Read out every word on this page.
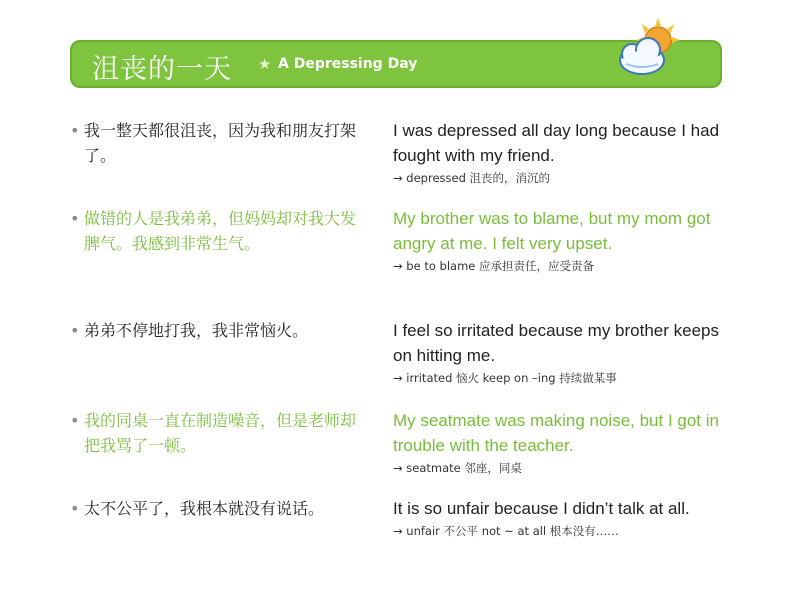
沮丧的一天 ★ A Depressing Day
• 我一整天都很沮丧，因为我和朋友打架了。
I was depressed all day long because I had fought with my friend.
→ depressed 沮丧的，消沉的
• 做错的人是我弟弟，但妈妈却对我大发脾气。我感到非常生气。
My brother was to blame, but my mom got angry at me. I felt very upset.
→ be to blame 应承担责任，应受责备
• 弟弟不停地打我，我非常恼火。	I feel so irritated because my brother keeps on hitting me.
→ irritated 恼火 keep on –ing 持续做某事
• 我的同桌一直在制造噪音，但是老师却把我骂了一顿。
My seatmate was making noise, but I got in trouble with the teacher.
→ seatmate 邻座，同桌
• 太不公平了，我根本就没有说话。	It is so unfair because I didn’t talk at all.
→ unfair 不公平 not ~ at all 根本没有……
